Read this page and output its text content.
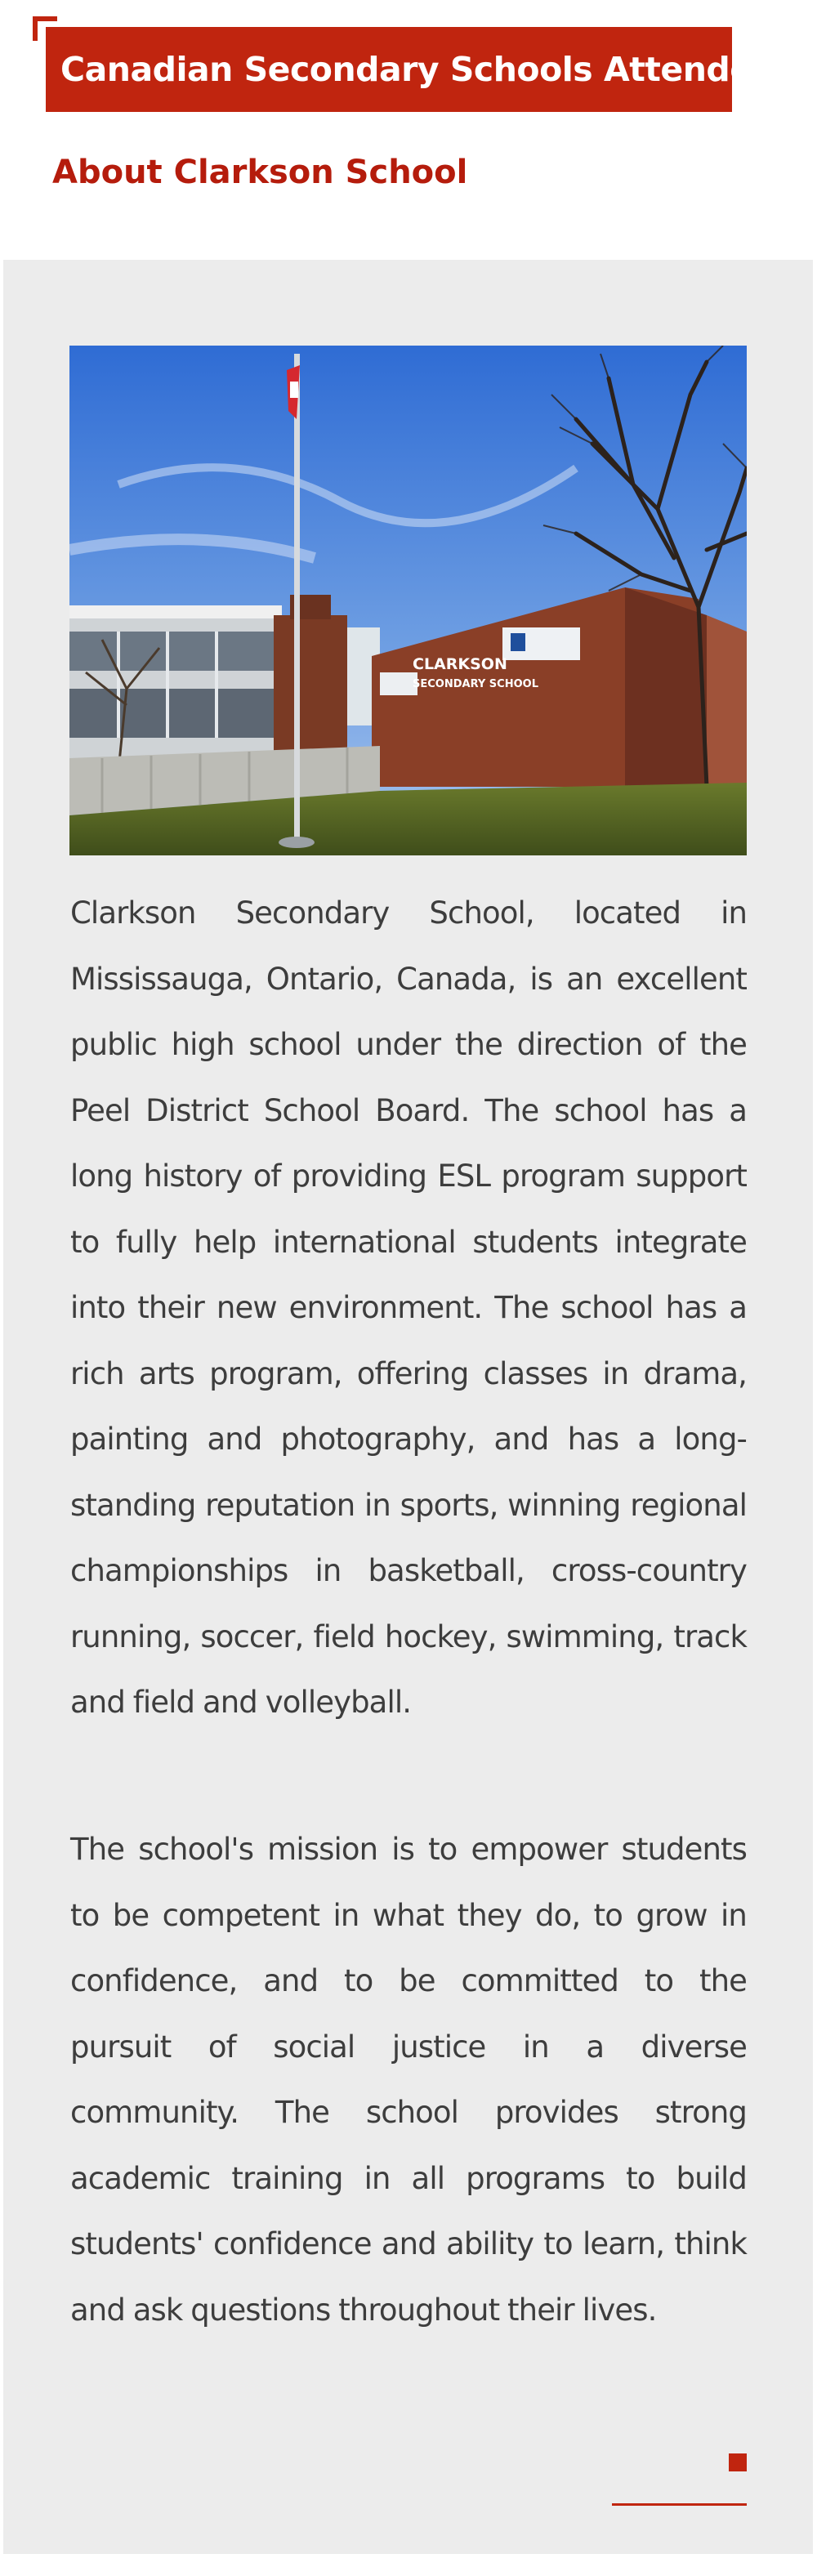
Canadian Secondary Schools Attended
About Clarkson School
CLARKSON
SECONDARY SCHOOL

Clarkson Secondary School, located in Mississauga, Ontario, Canada, is an excellent public high school under the direction of the Peel District School Board. The school has a long history of providing ESL program support to fully help international students integrate into their new environment. The school has a rich arts program, offering classes in drama, painting and photography, and has a long-standing reputation in sports, winning regional championships in basketball, cross-country running, soccer, field hockey, swimming, track and field and volleyball.

The school's mission is to empower students to be competent in what they do, to grow in confidence, and to be committed to the pursuit of social justice in a diverse community. The school provides strong academic training in all programs to build students' confidence and ability to learn, think and ask questions throughout their lives.
